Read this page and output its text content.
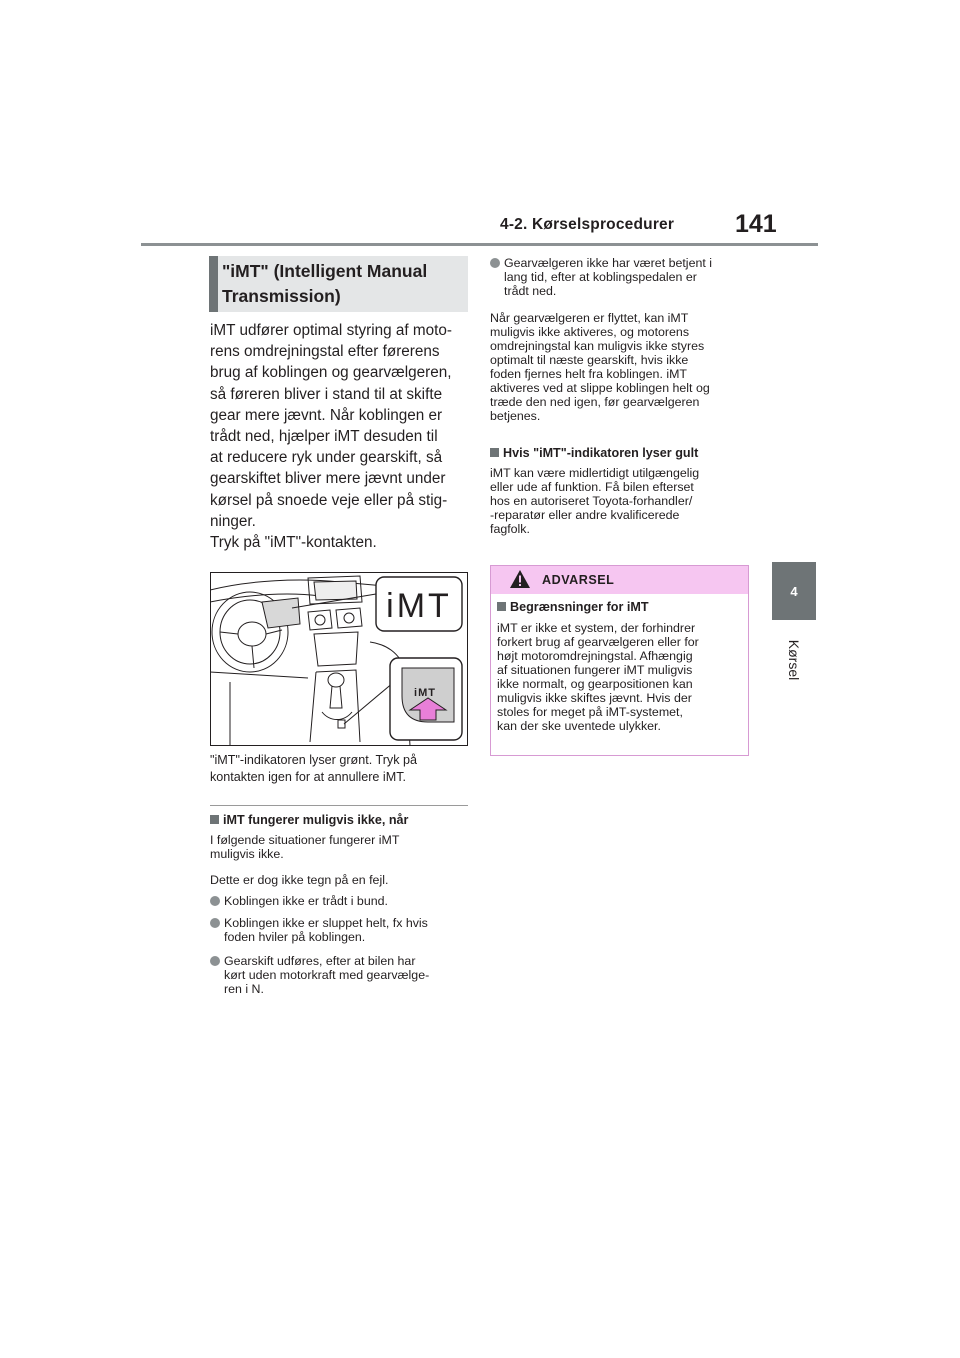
4-2. Kørselsprocedurer 141
4
Kørsel
"iMT" (Intelligent Manual
Transmission)

iMT udfører optimal styring af moto-

rens omdrejningstal efter førerens

brug af koblingen og gearvælgeren,

så føreren bliver i stand til at skifte

gear mere jævnt. Når koblingen er

trådt ned, hjælper iMT desuden til

at reducere ryk under gearskift, så

gearskiftet bliver mere jævnt under

kørsel på snoede veje eller på stig-

ninger.

Tryk på "iMT"-kontakten.

iMT
iMT
"iMT"-indikatoren lyser grønt. Tryk på
kontakten igen for at annullere iMT.
iMT fungerer muligvis ikke, når
I følgende situationer fungerer iMT
muligvis ikke.
Dette er dog ikke tegn på en fejl.
Koblingen ikke er trådt i bund.
Koblingen ikke er sluppet helt, fx hvis
foden hviler på koblingen.
Gearskift udføres, efter at bilen har
kørt uden motorkraft med gearvælge-
ren i N.
Gearvælgeren ikke har været betjent i
lang tid, efter at koblingspedalen er
trådt ned.
Når gearvælgeren er flyttet, kan iMT
muligvis ikke aktiveres, og motorens
omdrejningstal kan muligvis ikke styres
optimalt til næste gearskift, hvis ikke
foden fjernes helt fra koblingen. iMT
aktiveres ved at slippe koblingen helt og
træde den ned igen, før gearvælgeren
betjenes.
Hvis "iMT"-indikatoren lyser gult
iMT kan være midlertidigt utilgængelig
eller ude af funktion. Få bilen efterset
hos en autoriseret Toyota-forhandler/
-reparatør eller andre kvalificerede
fagfolk.
ADVARSEL
Begrænsninger for iMT
iMT er ikke et system, der forhindrer
forkert brug af gearvælgeren eller for
højt motoromdrejningstal. Afhængig
af situationen fungerer iMT muligvis
ikke normalt, og gearpositionen kan
muligvis ikke skiftes jævnt. Hvis der
stoles for meget på iMT-systemet,
kan der ske uventede ulykker.
